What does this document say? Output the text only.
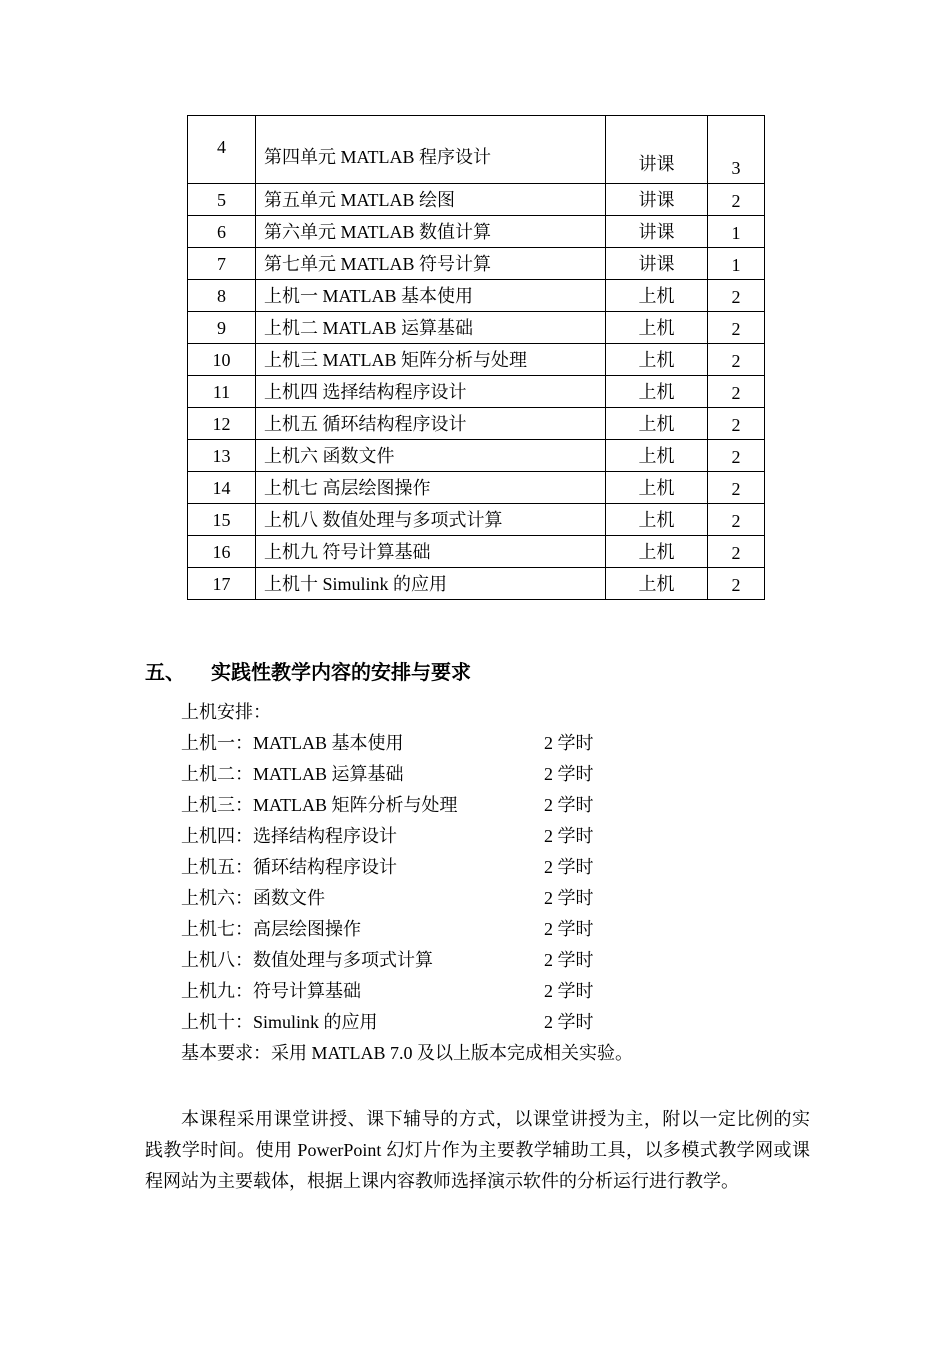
4	第四单元 MATLAB 程序设计	讲课	3
5	第五单元 MATLAB 绘图	讲课	2
6	第六单元 MATLAB 数值计算	讲课	1
7	第七单元 MATLAB 符号计算	讲课	1
8	上机一 MATLAB 基本使用	上机	2
9	上机二 MATLAB 运算基础	上机	2
10	上机三 MATLAB 矩阵分析与处理	上机	2
11	上机四 选择结构程序设计	上机	2
12	上机五 循环结构程序设计	上机	2
13	上机六 函数文件	上机	2
14	上机七 高层绘图操作	上机	2
15	上机八 数值处理与多项式计算	上机	2
16	上机九 符号计算基础	上机	2
17	上机十 Simulink 的应用	上机	2
五、 实践性教学内容的安排与要求
上机安排：
上机一：MATLAB 基本使用	2 学时
上机二：MATLAB 运算基础	2 学时
上机三：MATLAB 矩阵分析与处理	2 学时
上机四：选择结构程序设计	2 学时
上机五：循环结构程序设计	2 学时
上机六：函数文件	2 学时
上机七：高层绘图操作	2 学时
上机八：数值处理与多项式计算	2 学时
上机九：符号计算基础	2 学时
上机十：Simulink 的应用	2 学时
基本要求：采用 MATLAB 7.0 及以上版本完成相关实验。

本课程采用课堂讲授、课下辅导的方式，以课堂讲授为主，附以一定比例的实践教学时间。使用 PowerPoint 幻灯片作为主要教学辅助工具，以多模式教学网或课程网站为主要载体，根据上课内容教师选择演示软件的分析运行进行教学。
